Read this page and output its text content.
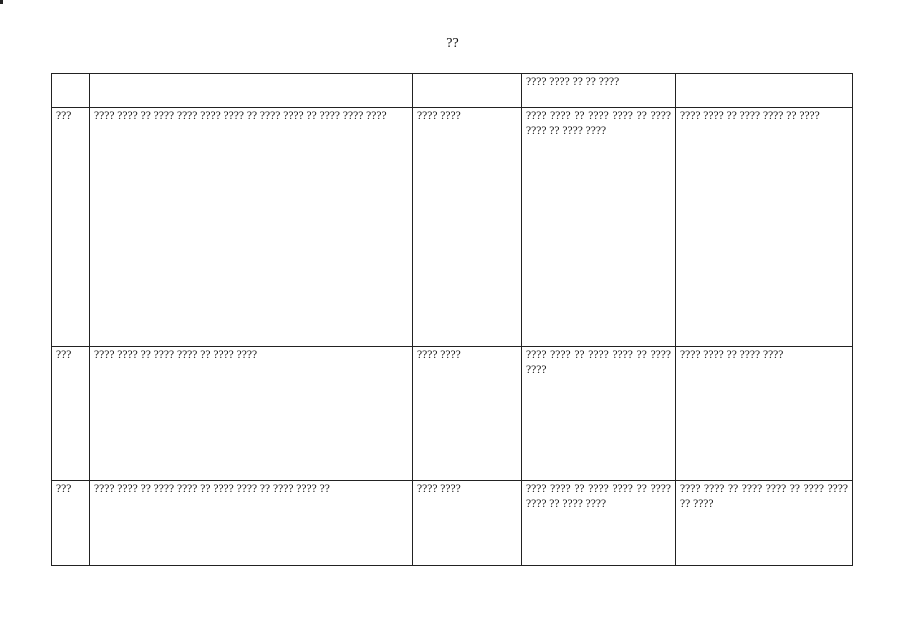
??
			???? ???? ?? ?? ????	
???	???? ???? ?? ???? ???? ???? ???? ?? ???? ???? ?? ???? ???? ????	???? ????	???? ???? ?? ???? ???? ?? ???? ???? ?? ???? ????	???? ???? ?? ???? ???? ?? ????
???	???? ???? ?? ???? ???? ?? ???? ????	???? ????	???? ???? ?? ???? ???? ?? ???? ????	???? ???? ?? ???? ????
???	???? ???? ?? ???? ???? ?? ???? ???? ?? ???? ???? ??	???? ????	???? ???? ?? ???? ???? ?? ???? ???? ?? ???? ????	???? ???? ?? ???? ???? ?? ???? ???? ?? ????
